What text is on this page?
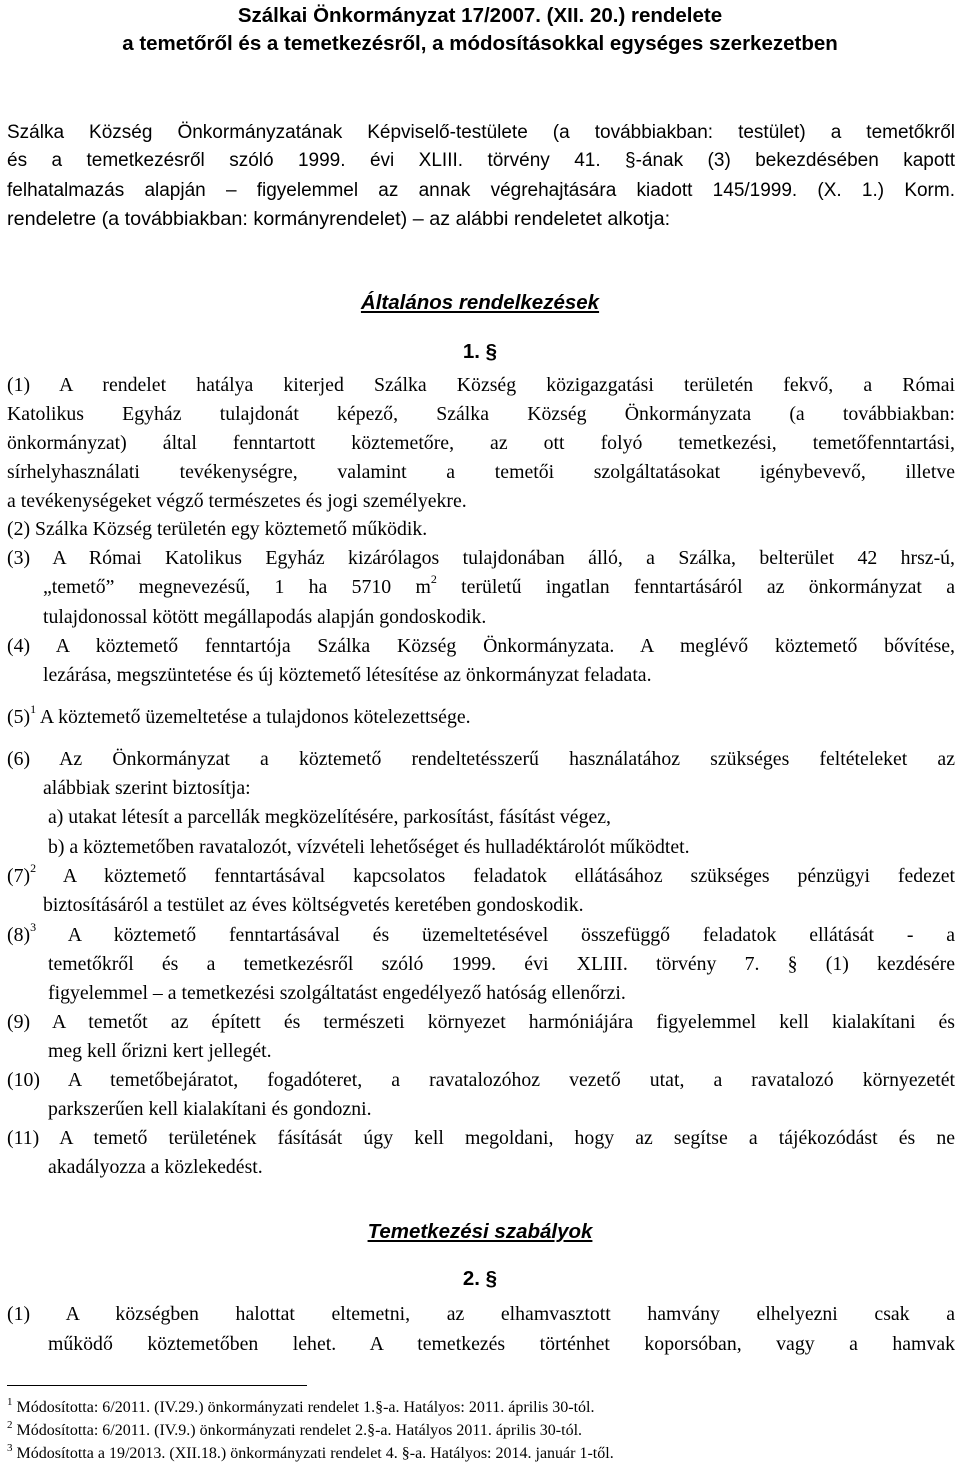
Szálkai Önkormányzat 17/2007. (XII. 20.) rendelete
a temetőről és a temetkezésről, a módosításokkal egységes szerkezetben
Szálka Község Önkormányzatának Képviselő-testülete (a továbbiakban: testület) a temetőkről
és a temetkezésről szóló 1999. évi XLIII. törvény 41. §-ának (3) bekezdésében kapott
felhatalmazás alapján – figyelemmel az annak végrehajtására kiadott 145/1999. (X. 1.) Korm.
rendeletre (a továbbiakban: kormányrendelet) – az alábbi rendeletet alkotja:
Általános rendelkezések
1. §
(1) A rendelet hatálya kiterjed Szálka Község közigazgatási területén fekvő, a Római
Katolikus Egyház tulajdonát képező, Szálka Község Önkormányzata (a továbbiakban:
önkormányzat) által fenntartott köztemetőre, az ott folyó temetkezési, temetőfenntartási,
sírhelyhasználati tevékenységre, valamint a temetői szolgáltatásokat igénybevevő, illetve
a tevékenységeket végző természetes és jogi személyekre.
(2) Szálka Község területén egy köztemető működik.
(3) A Római Katolikus Egyház kizárólagos tulajdonában álló, a Szálka, belterület 42 hrsz-ú,
„temető” megnevezésű, 1 ha 5710 $m^2$ területű ingatlan fenntartásáról az önkormányzat a
tulajdonossal kötött megállapodás alapján gondoskodik.
(4) A köztemető fenntartója Szálka Község Önkormányzata. A meglévő köztemető bővítése,
lezárása, megszüntetése és új köztemető létesítése az önkormányzat feladata.
$(5)^1$ A köztemető üzemeltetése a tulajdonos kötelezettsége.
(6) Az Önkormányzat a köztemető rendeltetésszerű használatához szükséges feltételeket az
alábbiak szerint biztosítja:
a) utakat létesít a parcellák megközelítésére, parkosítást, fásítást végez,
b) a köztemetőben ravatalozót, vízvételi lehetőséget és hulladéktárolót működtet.
$(7)^2$ A köztemető fenntartásával kapcsolatos feladatok ellátásához szükséges pénzügyi fedezet
biztosításáról a testület az éves költségvetés keretében gondoskodik.
$(8)^3$ A köztemető fenntartásával és üzemeltetésével összefüggő feladatok ellátását - a
temetőkről és a temetkezésről szóló 1999. évi XLIII. törvény 7. § (1) kezdésére
figyelemmel – a temetkezési szolgáltatást engedélyező hatóság ellenőrzi.
(9) A temetőt az épített és természeti környezet harmóniájára figyelemmel kell kialakítani és
meg kell őrizni kert jellegét.
(10) A temetőbejáratot, fogadóteret, a ravatalozóhoz vezető utat, a ravatalozó környezetét
parkszerűen kell kialakítani és gondozni.
(11) A temető területének fásítását úgy kell megoldani, hogy az segítse a tájékozódást és ne
akadályozza a közlekedést.
Temetkezési szabályok
2. §
(1) A községben halottat eltemetni, az elhamvasztott hamvány elhelyezni csak a
működő köztemetőben lehet. A temetkezés történhet koporsóban, vagy a hamvak
$^1$ Módosította: 6/2011. (IV.29.) önkormányzati rendelet 1.§-a. Hatályos: 2011. április 30-tól.
$^2$ Módosította: 6/2011. (IV.9.) önkormányzati rendelet 2.§-a. Hatályos 2011. április 30-tól.
$^3$ Módosította a 19/2013. (XII.18.) önkormányzati rendelet 4. §-a. Hatályos: 2014. január 1-től.
